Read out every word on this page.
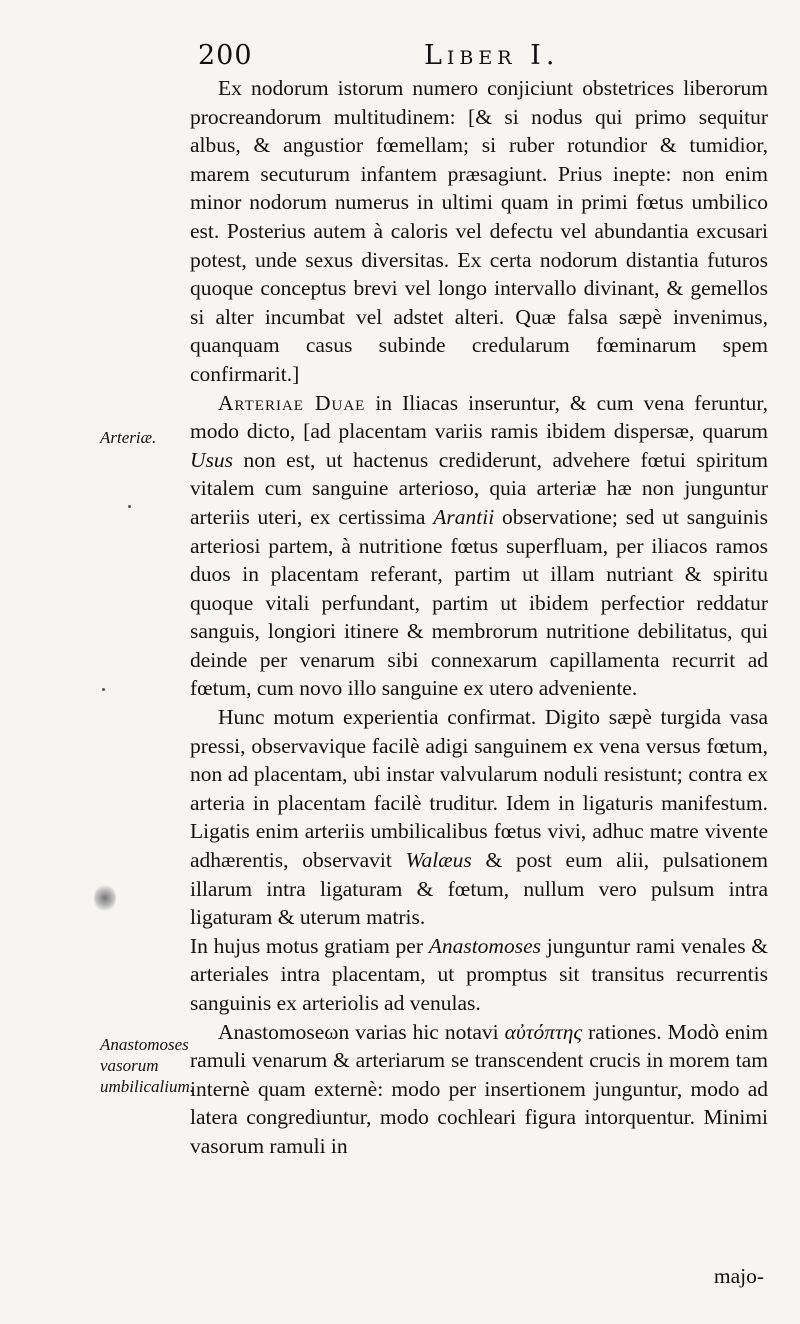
200	Liber I.
Arteriæ.
Anastomoses vasorum umbilicalium.

Ex nodorum istorum numero conjiciunt obstetrices liberorum procreandorum multitudinem: [& si nodus qui primo sequitur albus, & angustior fœmellam; si ruber rotundior & tumidior, marem secuturum infantem præsagiunt. Prius inepte: non enim minor nodorum numerus in ultimi quam in primi fœtus umbilico est. Posterius autem à caloris vel defectu vel abundantia excusari potest, unde sexus diversitas. Ex certa nodorum distantia futuros quoque conceptus brevi vel longo intervallo divinant, & gemellos si alter incumbat vel adstet alteri. Quæ falsa sæpè invenimus, quanquam casus subinde credularum fœminarum spem confirmarit.]

Arteriae Duae in Iliacas inseruntur, & cum vena feruntur, modo dicto, [ad placentam variis ramis ibidem dispersæ, quarum Usus non est, ut hactenus crediderunt, advehere fœtui spiritum vitalem cum sanguine arterioso, quia arteriæ hæ non junguntur arteriis uteri, ex certissima Arantii observatione; sed ut sanguinis arteriosi partem, à nutritione fœtus superfluam, per iliacos ramos duos in placentam referant, partim ut illam nutriant & spiritu quoque vitali perfundant, partim ut ibidem perfectior reddatur sanguis, longiori itinere & membrorum nutritione debilitatus, qui deinde per venarum sibi connexarum capillamenta recurrit ad fœtum, cum novo illo sanguine ex utero adveniente.

Hunc motum experientia confirmat. Digito sæpè turgida vasa pressi, observavique facilè adigi sanguinem ex vena versus fœtum, non ad placentam, ubi instar valvularum noduli resistunt; contra ex arteria in placentam facilè truditur. Idem in ligaturis manifestum. Ligatis enim arteriis umbilicalibus fœtus vivi, adhuc matre vivente adhærentis, observavit Walæus & post eum alii, pulsationem illarum intra ligaturam & fœtum, nullum vero pulsum intra ligaturam & uterum matris.

In hujus motus gratiam per Anastomoses junguntur rami venales & arteriales intra placentam, ut promptus sit transitus recurrentis sanguinis ex arteriolis ad venulas.

Anastomoseωn varias hic notavi αὐτόπτης rationes. Modò enim ramuli venarum & arteriarum se transcendent crucis in morem tam internè quam externè: modo per insertionem junguntur, modo ad latera congrediuntur, modo cochleari figura intorquentur. Minimi vasorum ramuli in

majo-
